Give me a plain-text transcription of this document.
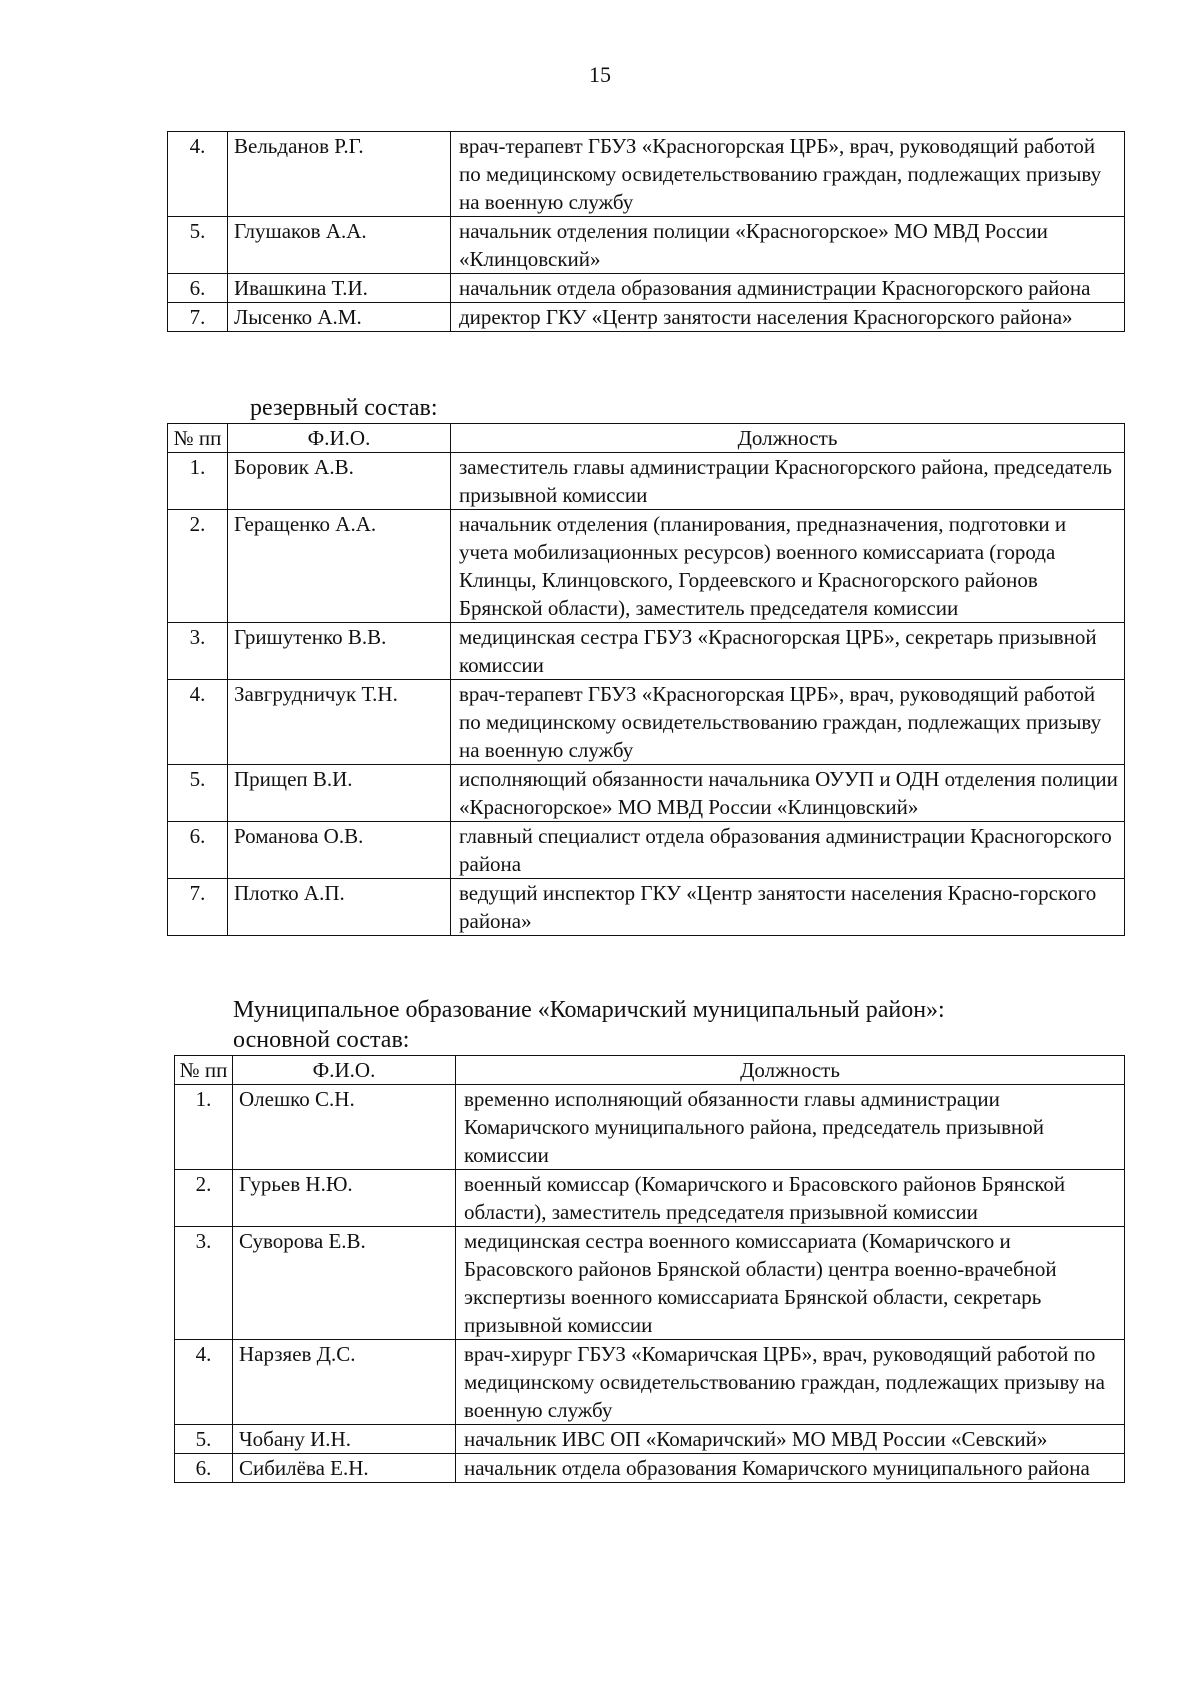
15
4.	Вельданов Р.Г.	врач-терапевт ГБУЗ «Красногорская ЦРБ», врач, руководящий работой по медицинскому освидетельствованию граждан, подлежащих призыву на военную службу
5.	Глушаков А.А.	начальник отделения полиции «Красногорское» МО МВД России «Клинцовский»
6.	Ивашкина Т.И.	начальник отдела образования администрации Красногорского района
7.	Лысенко А.М.	директор ГКУ «Центр занятости населения Красногорского района»
резервный состав:
№ пп	Ф.И.О.	Должность
1.	Боровик А.В.	заместитель главы администрации Красногорского района, председатель призывной комиссии
2.	Геращенко А.А.	начальник отделения (планирования, предназначения, подготовки и учета мобилизационных ресурсов) военного комиссариата (города Клинцы, Клинцовского, Гордеевского и Красногорского районов Брянской области), заместитель председателя комиссии
3.	Гришутенко В.В.	медицинская сестра ГБУЗ «Красногорская ЦРБ», секретарь призывной комиссии
4.	Завгрудничук Т.Н.	врач-терапевт ГБУЗ «Красногорская ЦРБ», врач, руководящий работой по медицинскому освидетельствованию граждан, подлежащих призыву на военную службу
5.	Прищеп В.И.	исполняющий обязанности начальника ОУУП и ОДН отделения полиции «Красногорское» МО МВД России «Клинцовский»
6.	Романова О.В.	главный специалист отдела образования администрации Красногорского района
7.	Плотко А.П.	ведущий инспектор ГКУ «Центр занятости населения Красно-горского района»
Муниципальное образование «Комаричский муниципальный район»:
основной состав:
№ пп	Ф.И.О.	Должность
1.	Олешко С.Н.	временно исполняющий обязанности главы администрации Комаричского муниципального района, председатель призывной комиссии
2.	Гурьев Н.Ю.	военный комиссар (Комаричского и Брасовского районов Брянской области), заместитель председателя призывной комиссии
3.	Суворова Е.В.	медицинская сестра военного комиссариата (Комаричского и Брасовского районов Брянской области) центра военно-врачебной экспертизы военного комиссариата Брянской области, секретарь призывной комиссии
4.	Нарзяев Д.С.	врач-хирург ГБУЗ «Комаричская ЦРБ», врач, руководящий работой по медицинскому освидетельствованию граждан, подлежащих призыву на военную службу
5.	Чобану И.Н.	начальник ИВС ОП «Комаричский» МО МВД России «Севский»
6.	Сибилёва Е.Н.	начальник отдела образования Комаричского муниципального района
